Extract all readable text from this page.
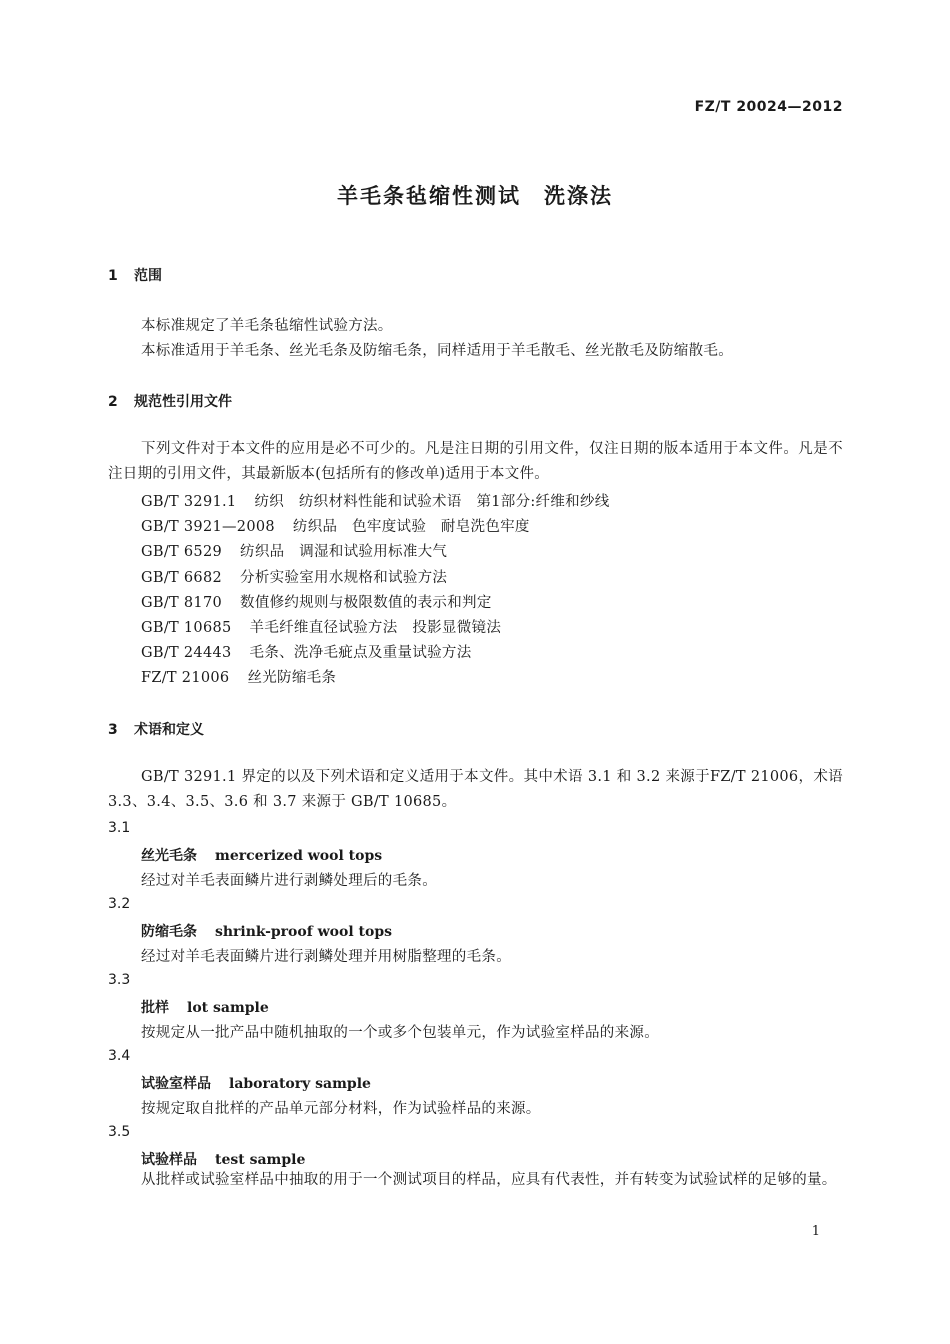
FZ/T 20024—2012
羊毛条毡缩性测试　洗涤法
1 范围
本标准规定了羊毛条毡缩性试验方法。
本标准适用于羊毛条、丝光毛条及防缩毛条，同样适用于羊毛散毛、丝光散毛及防缩散毛。
2 规范性引用文件
下列文件对于本文件的应用是必不可少的。凡是注日期的引用文件，仅注日期的版本适用于本文件。凡是不注日期的引用文件，其最新版本(包括所有的修改单)适用于本文件。
GB/T 3291.1 纺织　纺织材料性能和试验术语　第1部分:纤维和纱线
GB/T 3921—2008 纺织品　色牢度试验　耐皂洗色牢度
GB/T 6529 纺织品　调湿和试验用标准大气
GB/T 6682 分析实验室用水规格和试验方法
GB/T 8170 数值修约规则与极限数值的表示和判定
GB/T 10685 羊毛纤维直径试验方法　投影显微镜法
GB/T 24443 毛条、洗净毛疵点及重量试验方法
FZ/T 21006 丝光防缩毛条
3 术语和定义
GB/T 3291.1 界定的以及下列术语和定义适用于本文件。其中术语 3.1 和 3.2 来源于FZ/T 21006，术语 3.3、3.4、3.5、3.6 和 3.7 来源于 GB/T 10685。
3.1
丝光毛条 mercerized wool tops
经过对羊毛表面鳞片进行剥鳞处理后的毛条。
3.2
防缩毛条 shrink-proof wool tops
经过对羊毛表面鳞片进行剥鳞处理并用树脂整理的毛条。
3.3
批样 lot sample
按规定从一批产品中随机抽取的一个或多个包装单元，作为试验室样品的来源。
3.4
试验室样品 laboratory sample
按规定取自批样的产品单元部分材料，作为试验样品的来源。
3.5
试验样品 test sample
从批样或试验室样品中抽取的用于一个测试项目的样品，应具有代表性，并有转变为试验试样的足够的量。
1
